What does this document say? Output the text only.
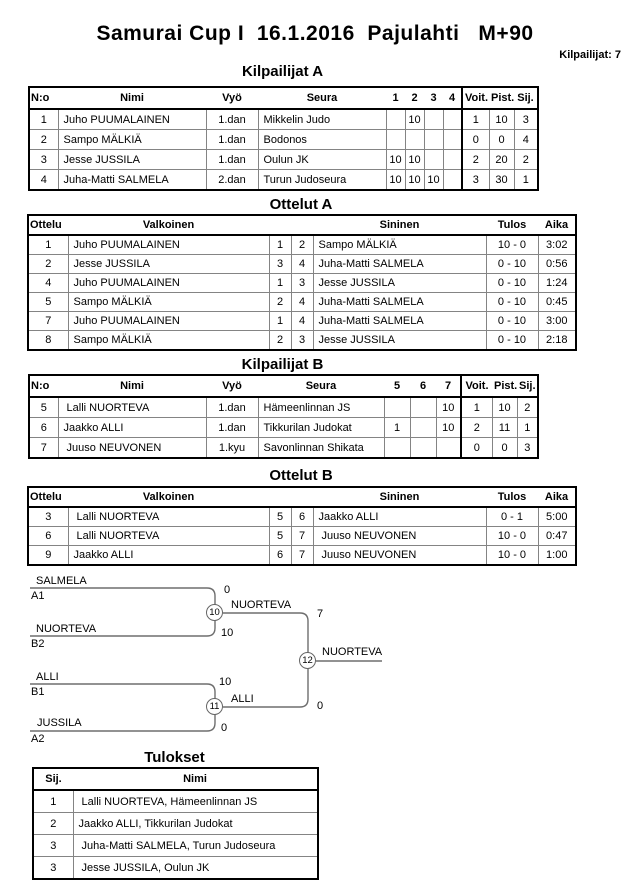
Samurai Cup I  16.1.2016  Pajulahti   M+90
Kilpailijat: 7
Kilpailijat A
N:o	Nimi	Vyö	Seura	1	2	3	4	Voit.	Pist.	Sij.
1	Juho PUUMALAINEN	1.dan	Mikkelin Judo		10			1	10	3
2	Sampo MÄLKIÄ	1.dan	Bodonos					0	0	4
3	Jesse JUSSILA	1.dan	Oulun JK	10	10			2	20	2
4	Juha-Matti SALMELA	2.dan	Turun Judoseura	10	10	10		3	30	1
Ottelut A
Ottelu	Valkoinen			Sininen	Tulos	Aika
1	Juho PUUMALAINEN	1	2	Sampo MÄLKIÄ	10 - 0	3:02
2	Jesse JUSSILA	3	4	Juha-Matti SALMELA	0 - 10	0:56
4	Juho PUUMALAINEN	1	3	Jesse JUSSILA	0 - 10	1:24
5	Sampo MÄLKIÄ	2	4	Juha-Matti SALMELA	0 - 10	0:45
7	Juho PUUMALAINEN	1	4	Juha-Matti SALMELA	0 - 10	3:00
8	Sampo MÄLKIÄ	2	3	Jesse JUSSILA	0 - 10	2:18
Kilpailijat B
N:o	Nimi	Vyö	Seura	5	6	7	Voit.	Pist.	Sij.
5	Lalli NUORTEVA	1.dan	Hämeenlinnan JS			10	1	10	2
6	Jaakko ALLI	1.dan	Tikkurilan Judokat	1		10	2	11	1
7	Juuso NEUVONEN	1.kyu	Savonlinnan Shikata				0	0	3
Ottelut B
Ottelu	Valkoinen			Sininen	Tulos	Aika
3	Lalli NUORTEVA	5	6	Jaakko ALLI	0 - 1	5:00
6	Lalli NUORTEVA	5	7	Juuso NEUVONEN	10 - 0	0:47
9	Jaakko ALLI	6	7	Juuso NEUVONEN	10 - 0	1:00
SALMELA
A1	0
NUORTEVA
B2
10
10
NUORTEVA
7
12
NUORTEVA
ALLI
B1
10
11
ALLI
0
JUSSILA
A2
0
Tulokset
Sij.	Nimi
1	Lalli NUORTEVA, Hämeenlinnan JS
2	Jaakko ALLI, Tikkurilan Judokat
3	Juha-Matti SALMELA, Turun Judoseura
3	Jesse JUSSILA, Oulun JK
